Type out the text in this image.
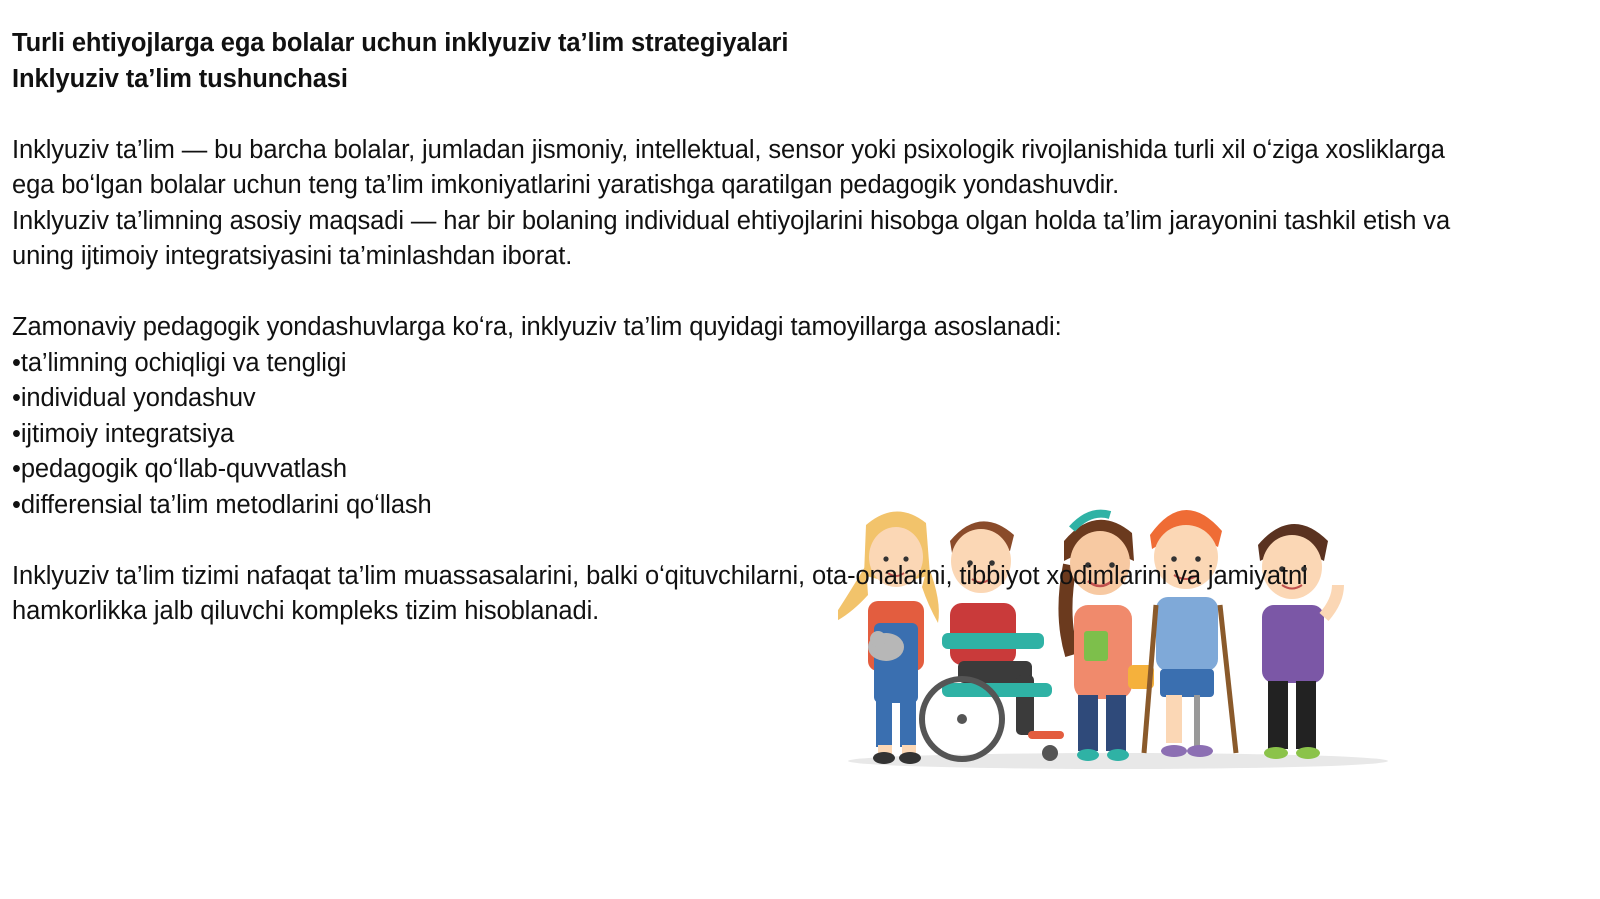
Turli ehtiyojlarga ega bolalar uchun inklyuziv ta’lim strategiyalari

Inklyuziv ta’lim tushunchasi

Inklyuziv ta’lim — bu barcha bolalar, jumladan jismoniy, intellektual, sensor yoki psixologik rivojlanishida turli xil oʻziga xosliklarga

ega boʻlgan bolalar uchun teng ta’lim imkoniyatlarini yaratishga qaratilgan pedagogik yondashuvdir.

Inklyuziv ta’limning asosiy maqsadi — har bir bolaning individual ehtiyojlarini hisobga olgan holda ta’lim jarayonini tashkil etish va

uning ijtimoiy integratsiyasini ta’minlashdan iborat.

Zamonaviy pedagogik yondashuvlarga koʻra, inklyuziv ta’lim quyidagi tamoyillarga asoslanadi:

• ta’limning ochiqligi va tengligi
• individual yondashuv
• ijtimoiy integratsiya
• pedagogik qoʻllab-quvvatlash
• differensial ta’lim metodlarini qoʻllash

Inklyuziv ta’lim tizimi nafaqat ta’lim muassasalarini, balki oʻqituvchilarni, ota-onalarni, tibbiyot xodimlarini va jamiyatni

hamkorlikka jalb qiluvchi kompleks tizim hisoblanadi.
